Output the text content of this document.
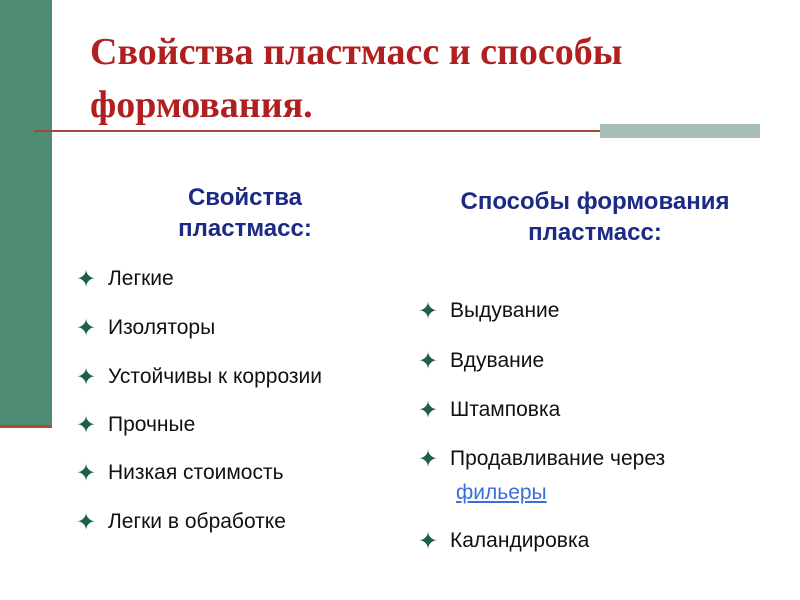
Свойства пластмасс и способы формования.
Свойства пластмасс:
✦ Легкие
✦ Изоляторы
✦ Устойчивы к коррозии
✦ Прочные
✦ Низкая стоимость
✦ Легки в обработке
Способы формования пластмасс:
✦ Выдувание
✦ Вдувание
✦ Штамповка
✦ Продавливание через
✦ Каландировка
фильеры
